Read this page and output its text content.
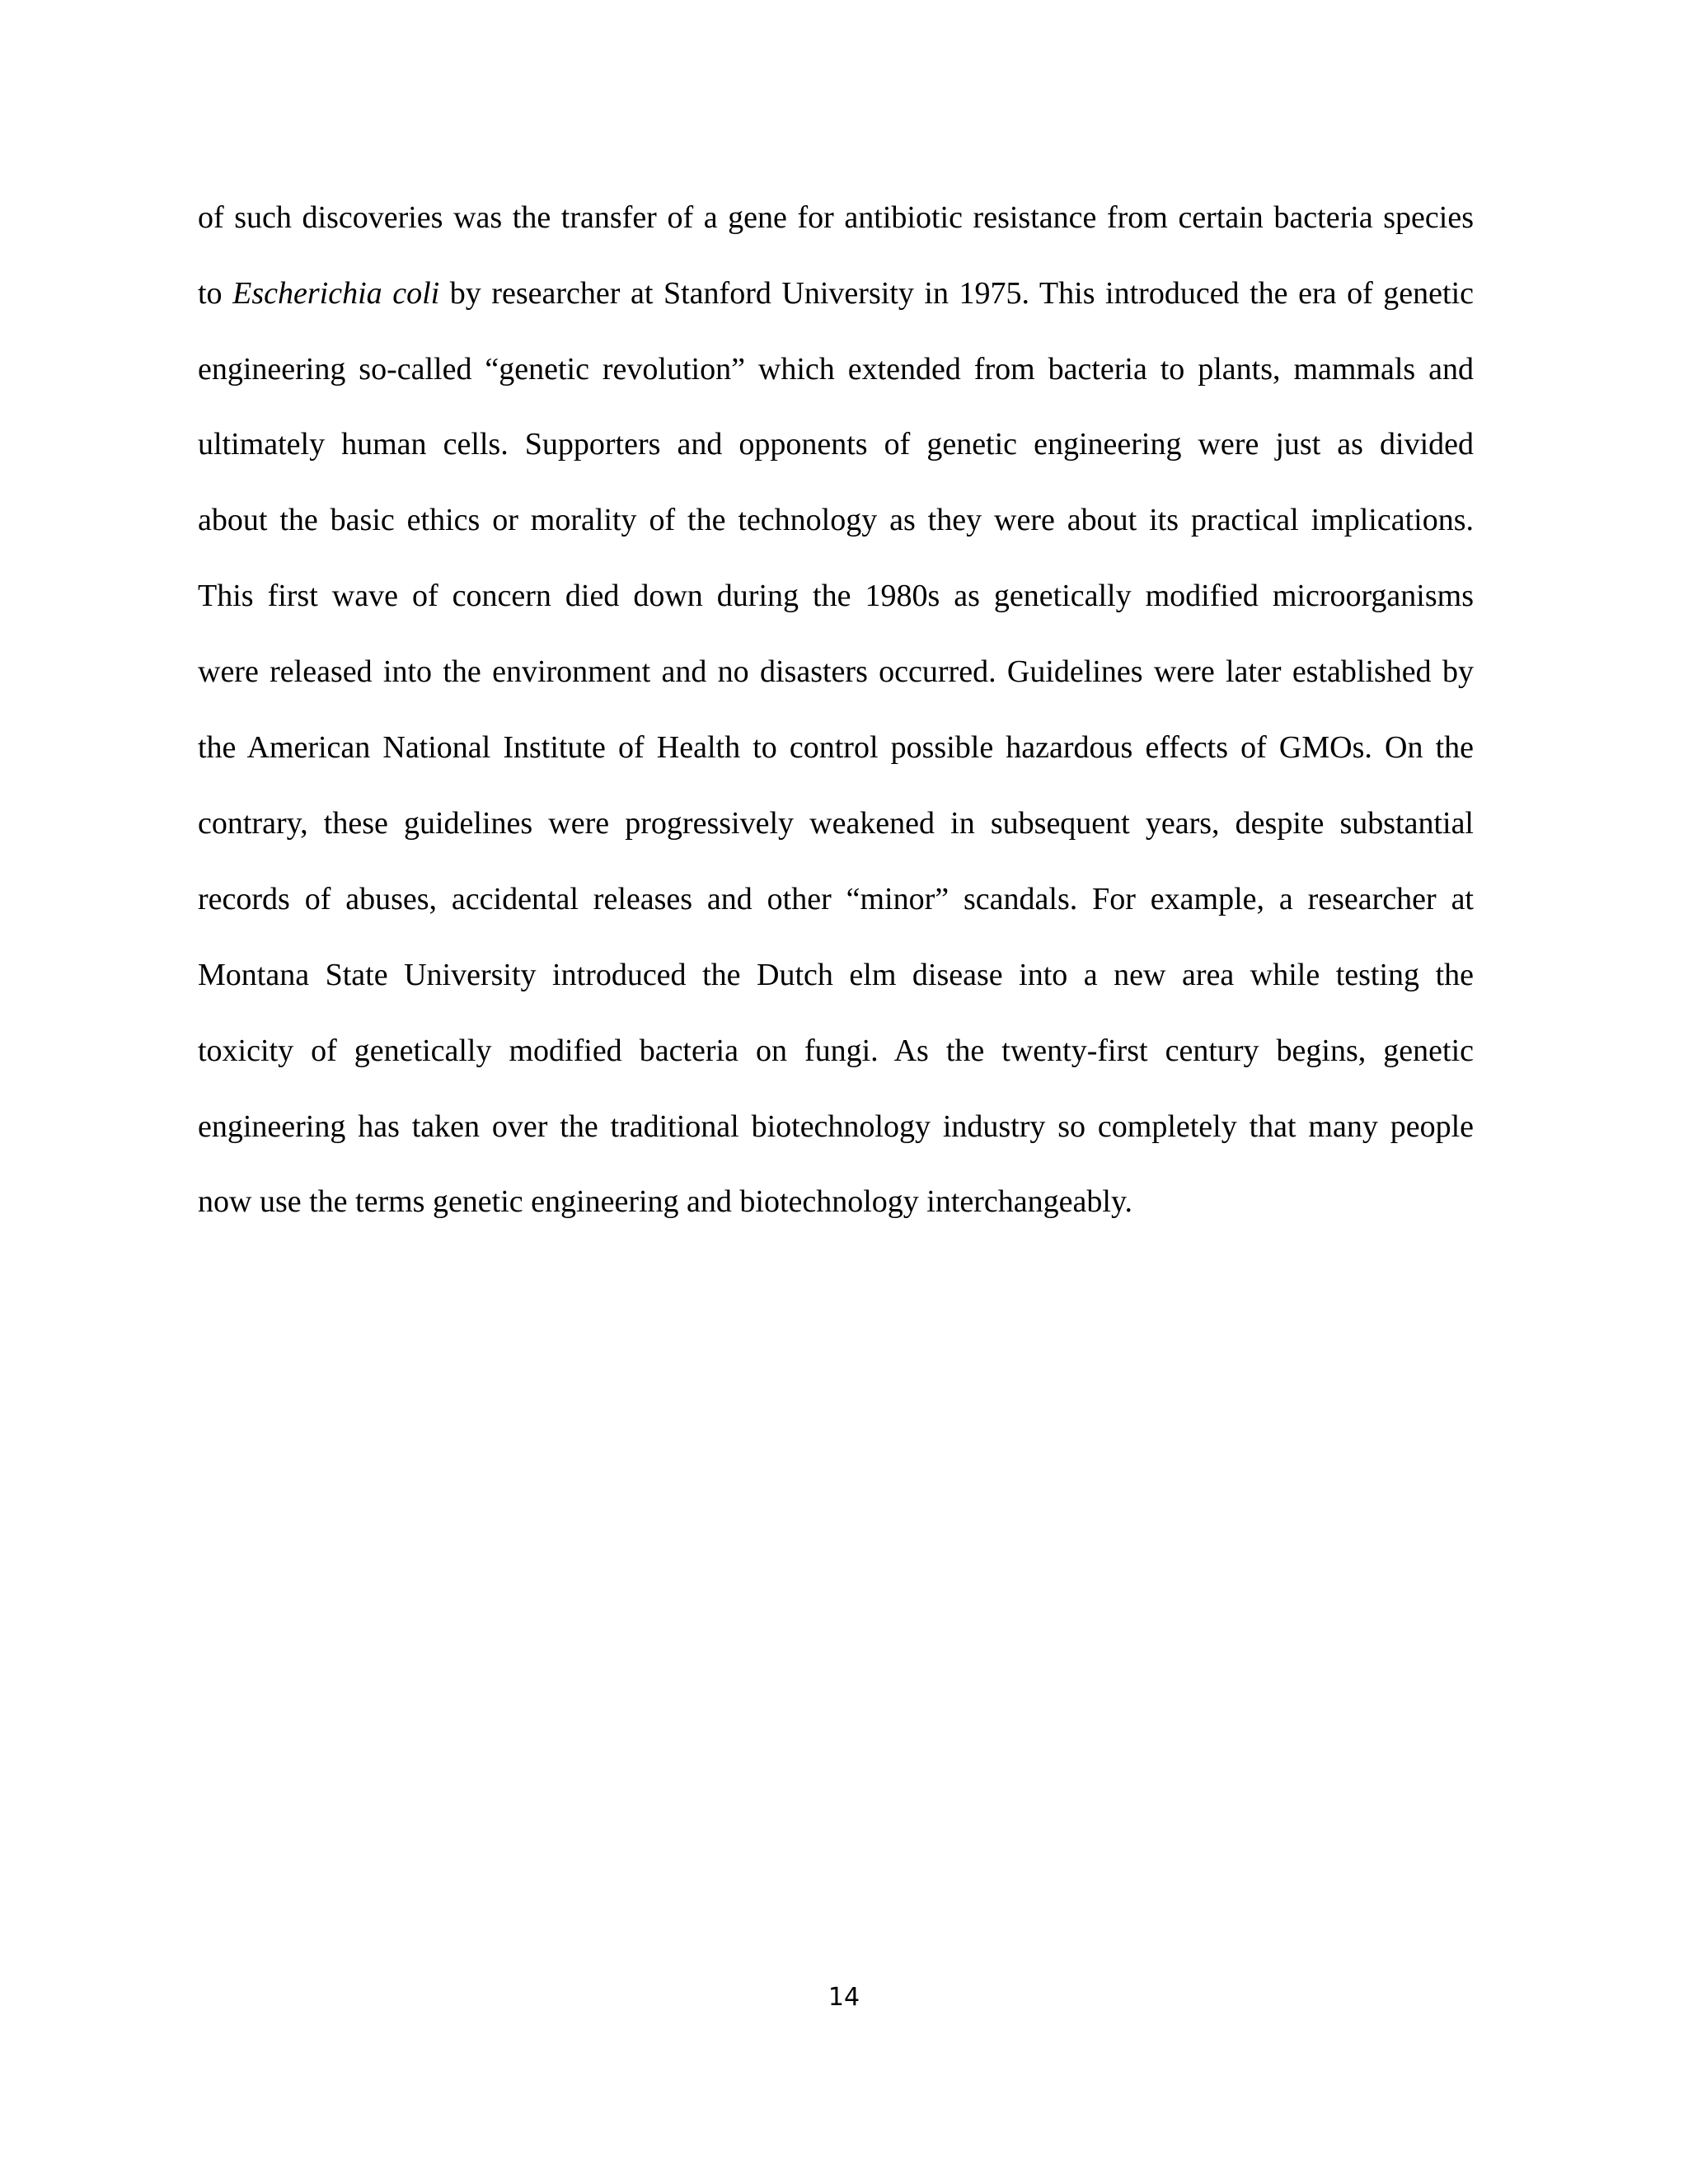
of such discoveries was the transfer of a gene for antibiotic resistance from certain bacteria species
to Escherichia coli by researcher at Stanford University in 1975. This introduced the era of genetic
engineering so-called “genetic revolution” which extended from bacteria to plants, mammals and
ultimately human cells. Supporters and opponents of genetic engineering were just as divided
about the basic ethics or morality of the technology as they were about its practical implications.
This first wave of concern died down during the 1980s as genetically modified microorganisms
were released into the environment and no disasters occurred. Guidelines were later established by
the American National Institute of Health to control possible hazardous effects of GMOs. On the
contrary, these guidelines were progressively weakened in subsequent years, despite substantial
records of abuses, accidental releases and other “minor” scandals. For example, a researcher at
Montana State University introduced the Dutch elm disease into a new area while testing the
toxicity of genetically modified bacteria on fungi. As the twenty-first century begins, genetic
engineering has taken over the traditional biotechnology industry so completely that many people
now use the terms genetic engineering and biotechnology interchangeably.
14
